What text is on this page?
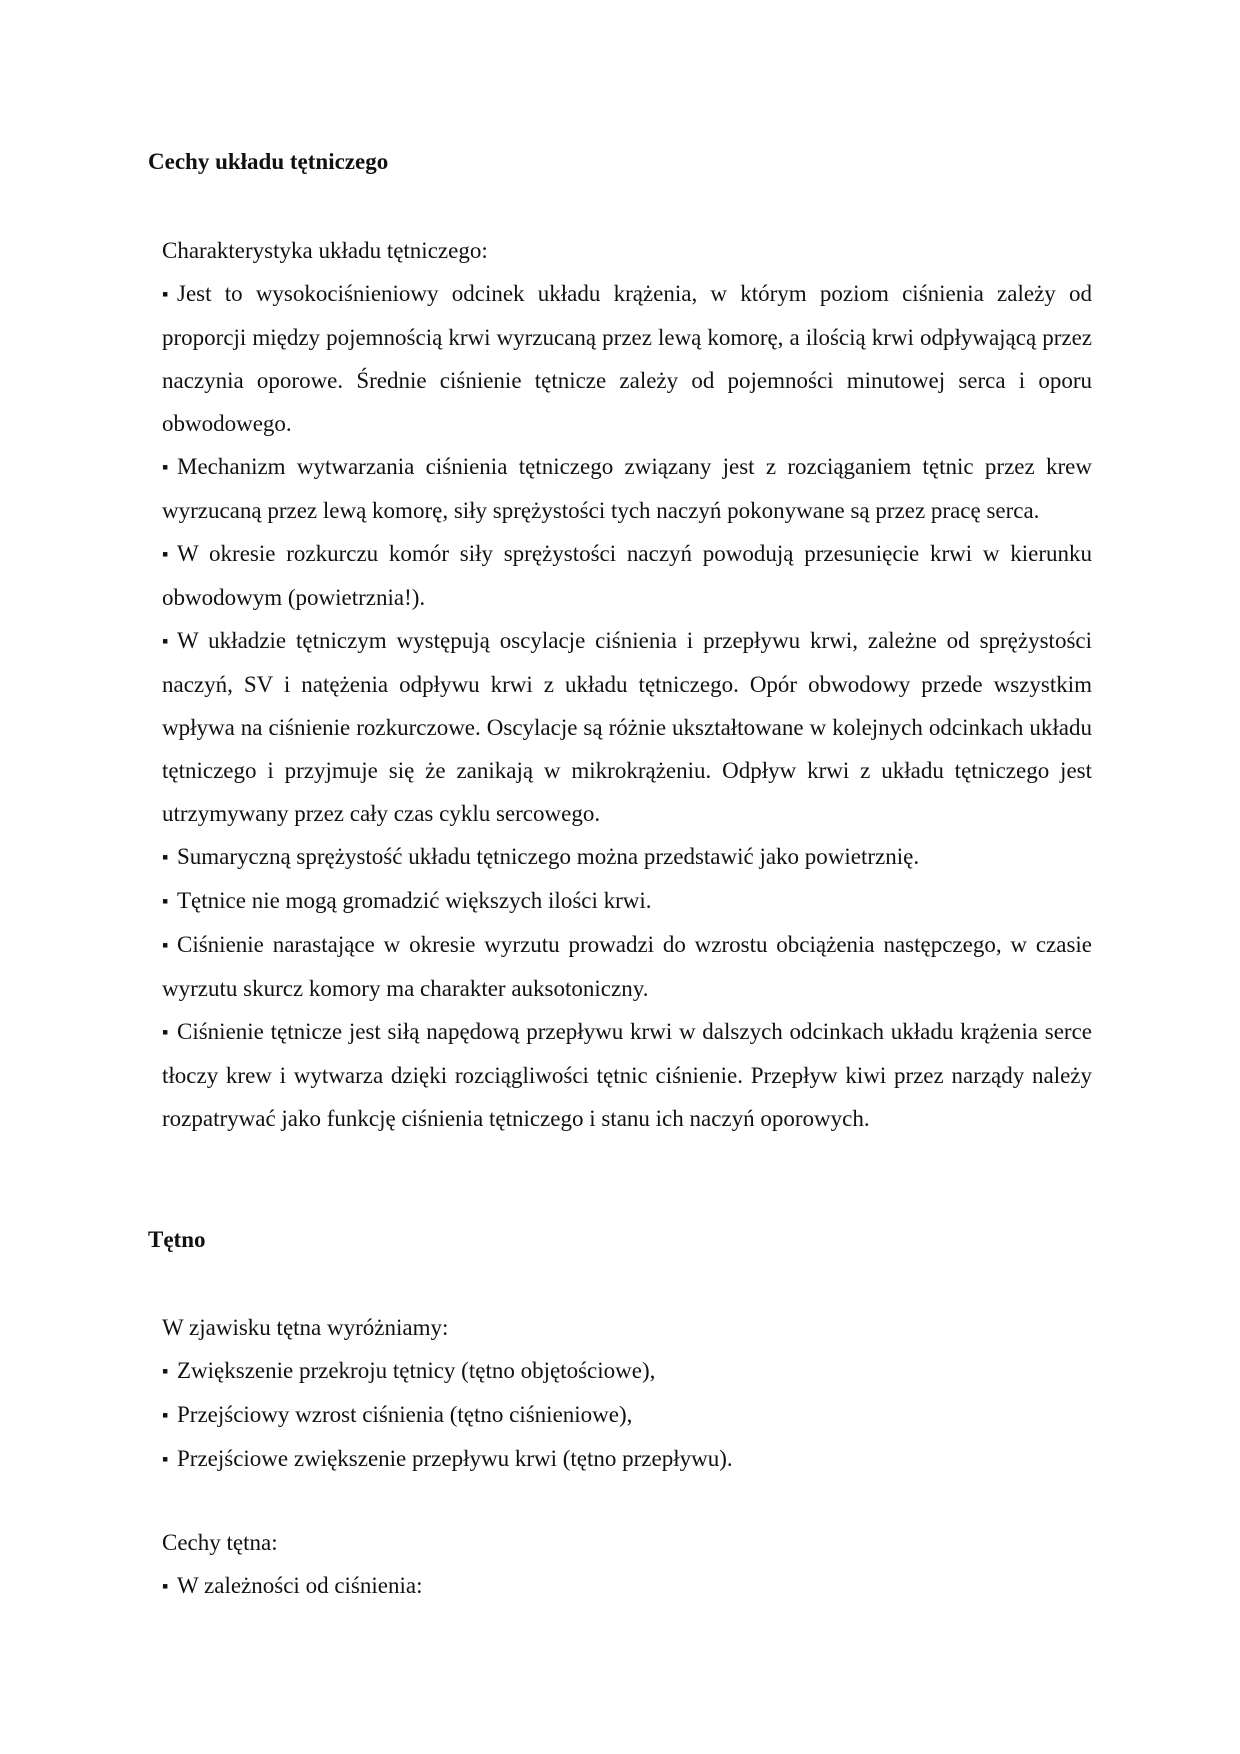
Cechy układu tętniczego

Charakterystyka układu tętniczego:

▪ Jest to wysokociśnieniowy odcinek układu krążenia, w którym poziom ciśnienia zależy od proporcji między pojemnością krwi wyrzucaną przez lewą komorę, a ilością krwi odpływającą przez naczynia oporowe. Średnie ciśnienie tętnicze zależy od pojemności minutowej serca i oporu obwodowego.

▪ Mechanizm wytwarzania ciśnienia tętniczego związany jest z rozciąganiem tętnic przez krew wyrzucaną przez lewą komorę, siły sprężystości tych naczyń pokonywane są przez pracę serca.

▪ W okresie rozkurczu komór siły sprężystości naczyń powodują przesunięcie krwi w kierunku obwodowym (powietrznia!).

▪ W układzie tętniczym występują oscylacje ciśnienia i przepływu krwi, zależne od sprężystości naczyń, SV i natężenia odpływu krwi z układu tętniczego. Opór obwodowy przede wszystkim wpływa na ciśnienie rozkurczowe. Oscylacje są różnie ukształtowane w kolejnych odcinkach układu tętniczego i przyjmuje się że zanikają w mikrokrążeniu. Odpływ krwi z układu tętniczego jest utrzymywany przez cały czas cyklu sercowego.

▪ Sumaryczną sprężystość układu tętniczego można przedstawić jako powietrznię.

▪ Tętnice nie mogą gromadzić większych ilości krwi.

▪ Ciśnienie narastające w okresie wyrzutu prowadzi do wzrostu obciążenia następczego, w czasie wyrzutu skurcz komory ma charakter auksotoniczny.

▪ Ciśnienie tętnicze jest siłą napędową przepływu krwi w dalszych odcinkach układu krążenia serce tłoczy krew i wytwarza dzięki rozciągliwości tętnic ciśnienie. Przepływ kiwi przez narządy należy rozpatrywać jako funkcję ciśnienia tętniczego i stanu ich naczyń oporowych.

Tętno

W zjawisku tętna wyróżniamy:

▪ Zwiększenie przekroju tętnicy (tętno objętościowe),

▪ Przejściowy wzrost ciśnienia (tętno ciśnieniowe),

▪ Przejściowe zwiększenie przepływu krwi (tętno przepływu).

Cechy tętna:

▪ W zależności od ciśnienia:
